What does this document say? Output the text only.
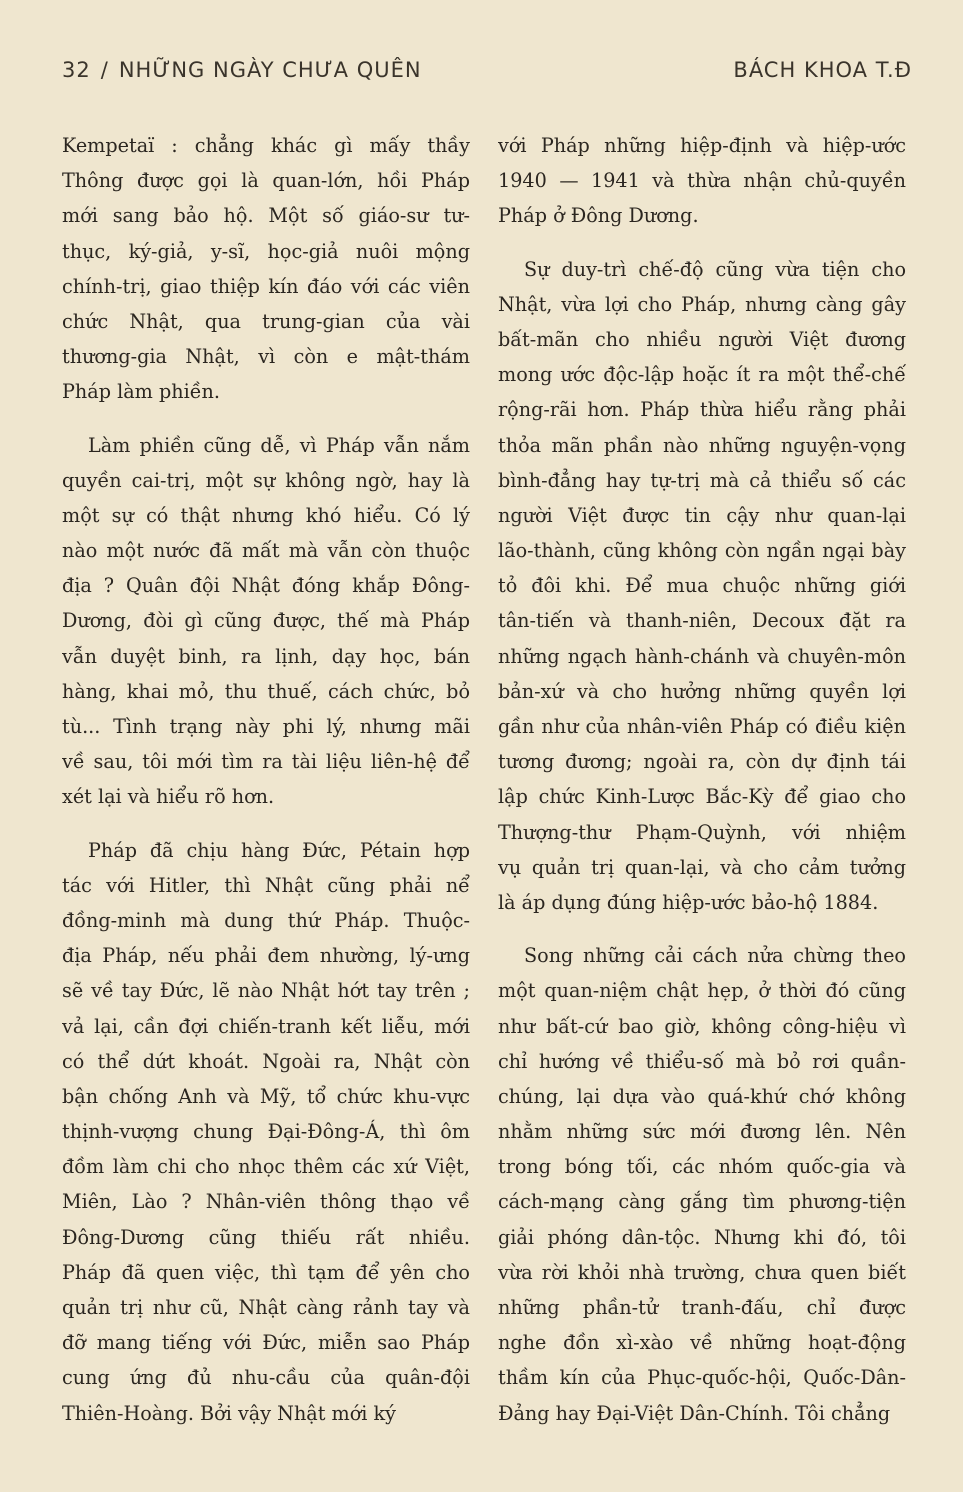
32 / NHỮNG NGÀY CHƯA QUÊN	BÁCH KHOA T.Đ
Kempetaï : chẳng khác gì mấy thầy
Thông được gọi là quan-lớn, hồi Pháp
mới sang bảo hộ. Một số giáo-sư tư-
thục, ký-giả, y-sĩ, học-giả nuôi mộng
chính-trị, giao thiệp kín đáo với các viên
chức Nhật, qua trung-gian của vài
thương-gia Nhật, vì còn e mật-thám
Pháp làm phiền.
Làm phiền cũng dễ, vì Pháp vẫn nắm
quyền cai-trị, một sự không ngờ, hay là
một sự có thật nhưng khó hiểu. Có lý
nào một nước đã mất mà vẫn còn thuộc
địa ? Quân đội Nhật đóng khắp Đông-
Dương, đòi gì cũng được, thế mà Pháp
vẫn duyệt binh, ra lịnh, dạy học, bán
hàng, khai mỏ, thu thuế, cách chức, bỏ
tù... Tình trạng này phi lý, nhưng mãi
về sau, tôi mới tìm ra tài liệu liên-hệ để
xét lại và hiểu rõ hơn.
Pháp đã chịu hàng Đức, Pétain hợp
tác với Hitler, thì Nhật cũng phải nể
đồng-minh mà dung thứ Pháp. Thuộc-
địa Pháp, nếu phải đem nhường, lý-ưng
sẽ về tay Đức, lẽ nào Nhật hớt tay trên ;
vả lại, cần đợi chiến-tranh kết liễu, mới
có thể dứt khoát. Ngoài ra, Nhật còn
bận chống Anh và Mỹ, tổ chức khu-vực
thịnh-vượng chung Đại-Đông-Á, thì ôm
đồm làm chi cho nhọc thêm các xứ Việt,
Miên, Lào ? Nhân-viên thông thạo về
Đông-Dương cũng thiếu rất nhiều.
Pháp đã quen việc, thì tạm để yên cho
quản trị như cũ, Nhật càng rảnh tay và
đỡ mang tiếng với Đức, miễn sao Pháp
cung ứng đủ nhu-cầu của quân-đội
Thiên-Hoàng. Bởi vậy Nhật mới ký
với Pháp những hiệp-định và hiệp-ước
1940 — 1941 và thừa nhận chủ-quyền
Pháp ở Đông Dương.
Sự duy-trì chế-độ cũng vừa tiện cho
Nhật, vừa lợi cho Pháp, nhưng càng gây
bất-mãn cho nhiều người Việt đương
mong ước độc-lập hoặc ít ra một thể-chế
rộng-rãi hơn. Pháp thừa hiểu rằng phải
thỏa mãn phần nào những nguyện-vọng
bình-đẳng hay tự-trị mà cả thiểu số các
người Việt được tin cậy như quan-lại
lão-thành, cũng không còn ngần ngại bày
tỏ đôi khi. Để mua chuộc những giới
tân-tiến và thanh-niên, Decoux đặt ra
những ngạch hành-chánh và chuyên-môn
bản-xứ và cho hưởng những quyền lợi
gần như của nhân-viên Pháp có điều kiện
tương đương; ngoài ra, còn dự định tái
lập chức Kinh-Lược Bắc-Kỳ để giao cho
Thượng-thư Phạm-Quỳnh, với nhiệm
vụ quản trị quan-lại, và cho cảm tưởng
là áp dụng đúng hiệp-ước bảo-hộ 1884.
Song những cải cách nửa chừng theo
một quan-niệm chật hẹp, ở thời đó cũng
như bất-cứ bao giờ, không công-hiệu vì
chỉ hướng về thiểu-số mà bỏ rơi quần-
chúng, lại dựa vào quá-khứ chớ không
nhằm những sức mới đương lên. Nên
trong bóng tối, các nhóm quốc-gia và
cách-mạng càng gắng tìm phương-tiện
giải phóng dân-tộc. Nhưng khi đó, tôi
vừa rời khỏi nhà trường, chưa quen biết
những phần-tử tranh-đấu, chỉ được
nghe đồn xì-xào về những hoạt-động
thầm kín của Phục-quốc-hội, Quốc-Dân-
Đảng hay Đại-Việt Dân-Chính. Tôi chẳng
